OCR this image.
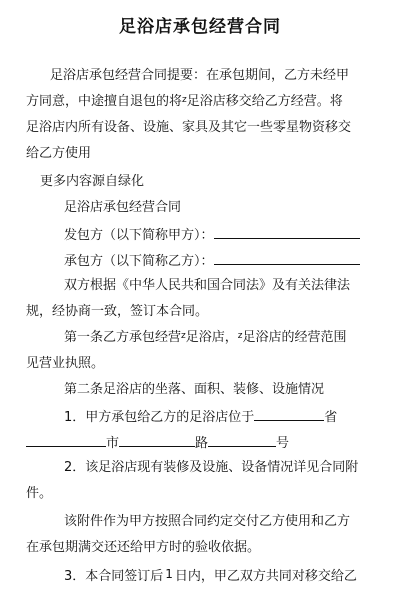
足浴店承包经营合同
足浴店承包经营合同提要：在承包期间，乙方未经甲
方同意，中途擅自退包的将$^z$足浴店移交给乙方经营。将
足浴店内所有设备、设施、家具及其它一些零星物资移交
给乙方使用
更多内容源自绿化
足浴店承包经营合同
发包方（以下简称甲方）：
承包方（以下简称乙方）：
双方根据《中华人民共和国合同法》及有关法律法
规，经协商一致，签订本合同。
第一条乙方承包经营$^z$足浴店，$^z$足浴店的经营范围
见营业执照。
第二条足浴店的坐落、面积、装修、设施情况
1．甲方承包给乙方的足浴店位于	省
市	路	号
2．该足浴店现有装修及设施、设备情况详见合同附
件。
该附件作为甲方按照合同约定交付乙方使用和乙方
在承包期满交还还给甲方时的验收依据。
3．本合同签订后 1 日内，甲乙双方共同对移交给乙
